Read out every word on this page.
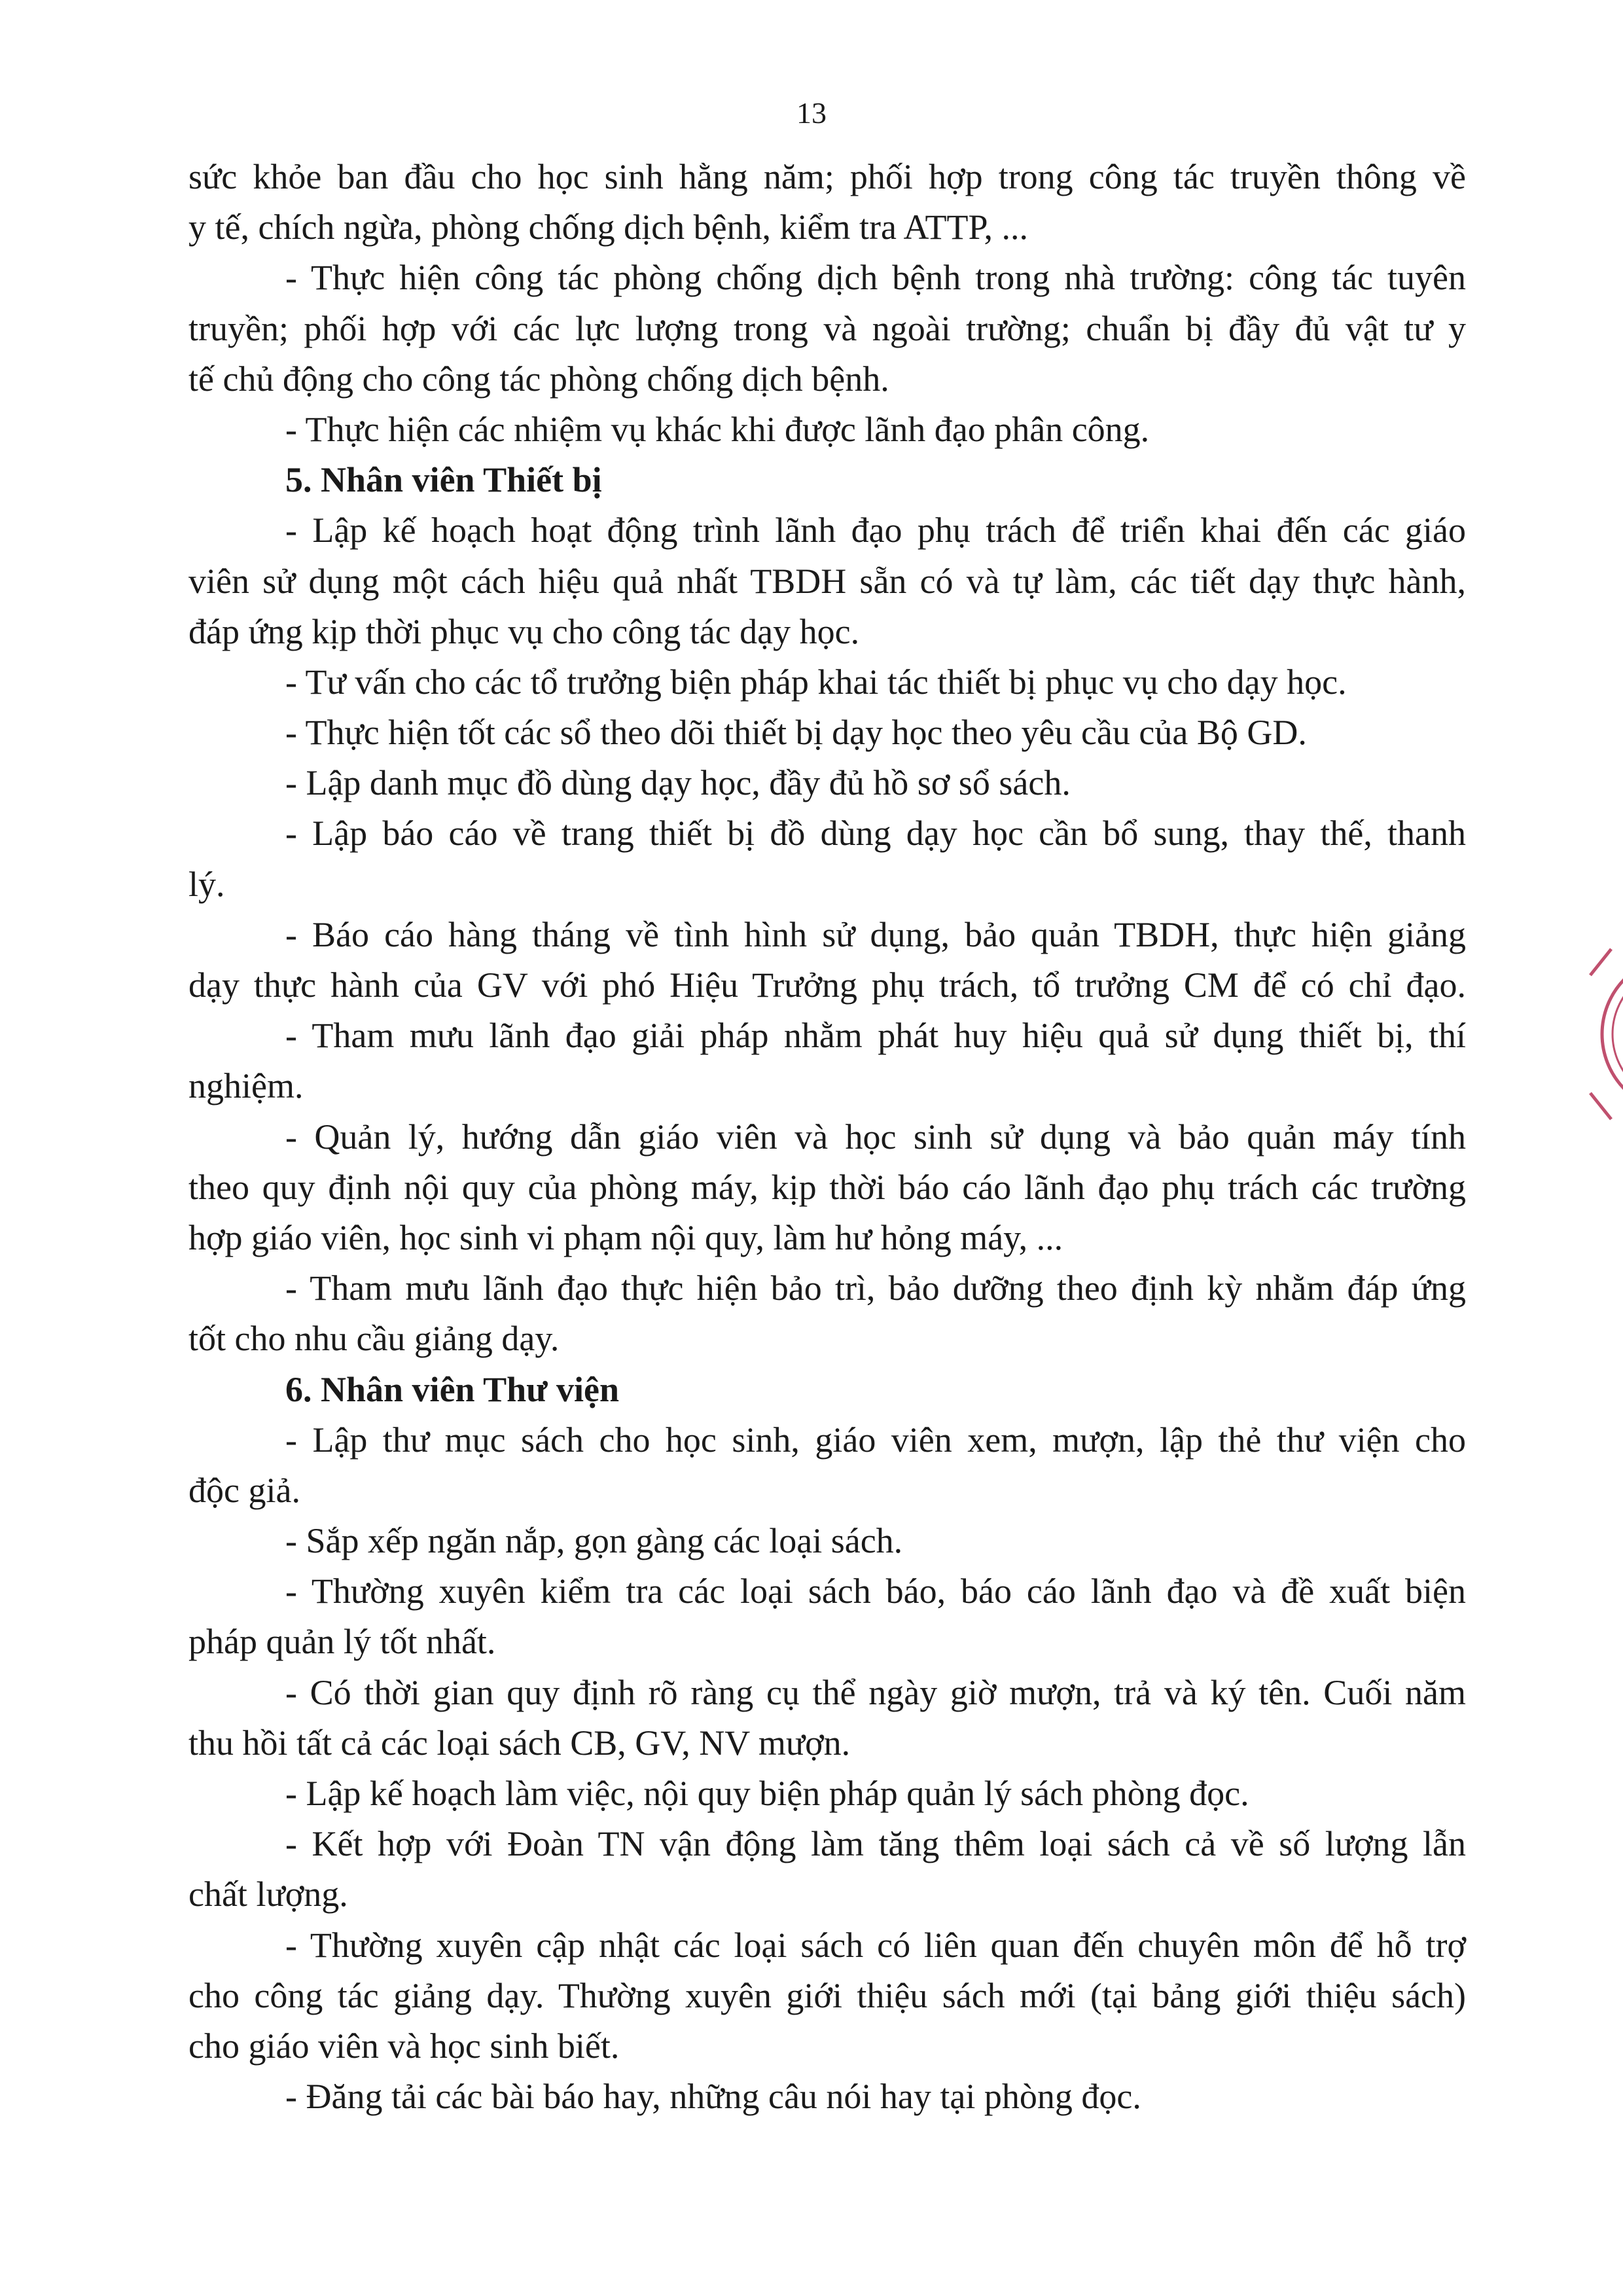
13
sức khỏe ban đầu cho học sinh hằng năm; phối hợp trong công tác truyền thông về
y tế, chích ngừa, phòng chống dịch bệnh, kiểm tra ATTP, ...
- Thực hiện công tác phòng chống dịch bệnh trong nhà trường: công tác tuyên
truyền; phối hợp với các lực lượng trong và ngoài trường; chuẩn bị đầy đủ vật tư y
tế chủ động cho công tác phòng chống dịch bệnh.
- Thực hiện các nhiệm vụ khác khi được lãnh đạo phân công.
5. Nhân viên Thiết bị
- Lập kế hoạch hoạt động trình lãnh đạo phụ trách để triển khai đến các giáo
viên sử dụng một cách hiệu quả nhất TBDH sẵn có và tự làm, các tiết dạy thực hành,
đáp ứng kịp thời phục vụ cho công tác dạy học.
- Tư vấn cho các tổ trưởng biện pháp khai tác thiết bị phục vụ cho dạy học.
- Thực hiện tốt các sổ theo dõi thiết bị dạy học theo yêu cầu của Bộ GD.
- Lập danh mục đồ dùng dạy học, đầy đủ hồ sơ sổ sách.
- Lập báo cáo về trang thiết bị đồ dùng dạy học cần bổ sung, thay thế, thanh
lý.
- Báo cáo hàng tháng về tình hình sử dụng, bảo quản TBDH, thực hiện giảng
dạy thực hành của GV với phó Hiệu Trưởng phụ trách, tổ trưởng CM để có chỉ đạo.
- Tham mưu lãnh đạo giải pháp nhằm phát huy hiệu quả sử dụng thiết bị, thí
nghiệm.
- Quản lý, hướng dẫn giáo viên và học sinh sử dụng và bảo quản máy tính
theo quy định nội quy của phòng máy, kịp thời báo cáo lãnh đạo phụ trách các trường
hợp giáo viên, học sinh vi phạm nội quy, làm hư hỏng máy, ...
- Tham mưu lãnh đạo thực hiện bảo trì, bảo dưỡng theo định kỳ nhằm đáp ứng
tốt cho nhu cầu giảng dạy.
6. Nhân viên Thư viện
- Lập thư mục sách cho học sinh, giáo viên xem, mượn, lập thẻ thư viện cho
độc giả.
- Sắp xếp ngăn nắp, gọn gàng các loại sách.
- Thường xuyên kiểm tra các loại sách báo, báo cáo lãnh đạo và đề xuất biện
pháp quản lý tốt nhất.
- Có thời gian quy định rõ ràng cụ thể ngày giờ mượn, trả và ký tên. Cuối năm
thu hồi tất cả các loại sách CB, GV, NV mượn.
- Lập kế hoạch làm việc, nội quy biện pháp quản lý sách phòng đọc.
- Kết hợp với Đoàn TN vận động làm tăng thêm loại sách cả về số lượng lẫn
chất lượng.
- Thường xuyên cập nhật các loại sách có liên quan đến chuyên môn để hỗ trợ
cho công tác giảng dạy. Thường xuyên giới thiệu sách mới (tại bảng giới thiệu sách)
cho giáo viên và học sinh biết.
- Đăng tải các bài báo hay, những câu nói hay tại phòng đọc.
